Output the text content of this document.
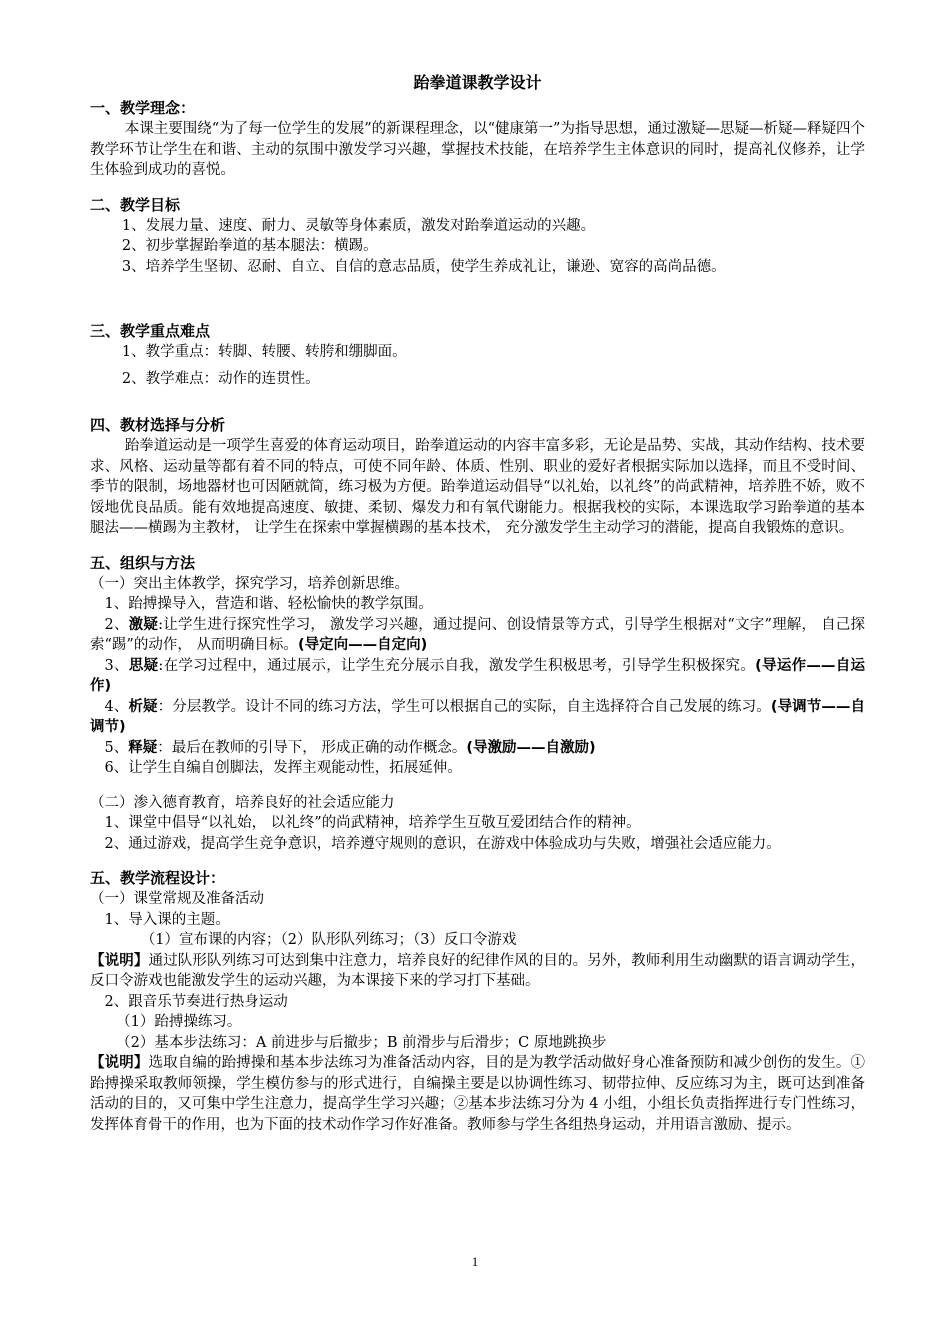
跆拳道课教学设计

一、教学理念：

本课主要围绕“为了每一位学生的发展”的新课程理念，以“健康第一”为指导思想，通过激疑—思疑—析疑—释疑四个教学环节让学生在和谐、主动的氛围中激发学习兴趣，掌握技术技能，在培养学生主体意识的同时，提高礼仪修养，让学生体验到成功的喜悦。

二、教学目标

1、发展力量、速度、耐力、灵敏等身体素质，激发对跆拳道运动的兴趣。

2、初步掌握跆拳道的基本腿法：横踢。

3、培养学生坚韧、忍耐、自立、自信的意志品质，使学生养成礼让，谦逊、宽容的高尚品德。

三、教学重点难点

1、教学重点：转脚、转腰、转胯和绷脚面。

2、教学难点：动作的连贯性。

四、教材选择与分析

跆拳道运动是一项学生喜爱的体育运动项目，跆拳道运动的内容丰富多彩，无论是品势、实战，其动作结构、技术要求、风格、运动量等都有着不同的特点，可使不同年龄、体质、性别、职业的爱好者根据实际加以选择，而且不受时间、季节的限制，场地器材也可因陋就简，练习极为方便。跆拳道运动倡导“以礼始，以礼终”的尚武精神，培养胜不娇，败不馁地优良品质。能有效地提高速度、敏捷、柔韧、爆发力和有氧代谢能力。根据我校的实际，本课选取学习跆拳道的基本腿法——横踢为主教材， 让学生在探索中掌握横踢的基本技术， 充分激发学生主动学习的潜能，提高自我锻炼的意识。

五、组织与方法

（一）突出主体教学，探究学习，培养创新思维。

1、跆搏操导入，营造和谐、轻松愉快的教学氛围。

2、激疑:让学生进行探究性学习， 激发学习兴趣，通过提问、创设情景等方式，引导学生根据对“文字”理解， 自己探索“踢”的动作， 从而明确目标。(导定向——自定向)

3、思疑:在学习过程中，通过展示，让学生充分展示自我，激发学生积极思考，引导学生积极探究。(导运作——自运作)

4、析疑：分层教学。设计不同的练习方法，学生可以根据自己的实际，自主选择符合自己发展的练习。(导调节——自调节)

5、释疑：最后在教师的引导下， 形成正确的动作概念。(导激励——自激励)

6、让学生自编自创脚法，发挥主观能动性，拓展延伸。

（二）渗入德育教育，培养良好的社会适应能力

1、课堂中倡导“以礼始， 以礼终”的尚武精神，培养学生互敬互爱团结合作的精神。

2、通过游戏，提高学生竞争意识，培养遵守规则的意识，在游戏中体验成功与失败，增强社会适应能力。

五、教学流程设计：

（一）课堂常规及准备活动

1、导入课的主题。

（1）宣布课的内容；（2）队形队列练习；（3）反口令游戏

【说明】通过队形队列练习可达到集中注意力，培养良好的纪律作风的目的。另外，教师利用生动幽默的语言调动学生，反口令游戏也能激发学生的运动兴趣，为本课接下来的学习打下基础。

2、跟音乐节奏进行热身运动

（1）跆搏操练习。

（2）基本步法练习：A 前进步与后撤步；B 前滑步与后滑步；C 原地跳换步

【说明】选取自编的跆搏操和基本步法练习为准备活动内容，目的是为教学活动做好身心准备预防和减少创伤的发生。①跆搏操采取教师领操，学生模仿参与的形式进行，自编操主要是以协调性练习、韧带拉伸、反应练习为主，既可达到准备活动的目的，又可集中学生注意力，提高学生学习兴趣；②基本步法练习分为 4 小组，小组长负责指挥进行专门性练习，发挥体育骨干的作用，也为下面的技术动作学习作好准备。教师参与学生各组热身运动，并用语言激励、提示。

1
